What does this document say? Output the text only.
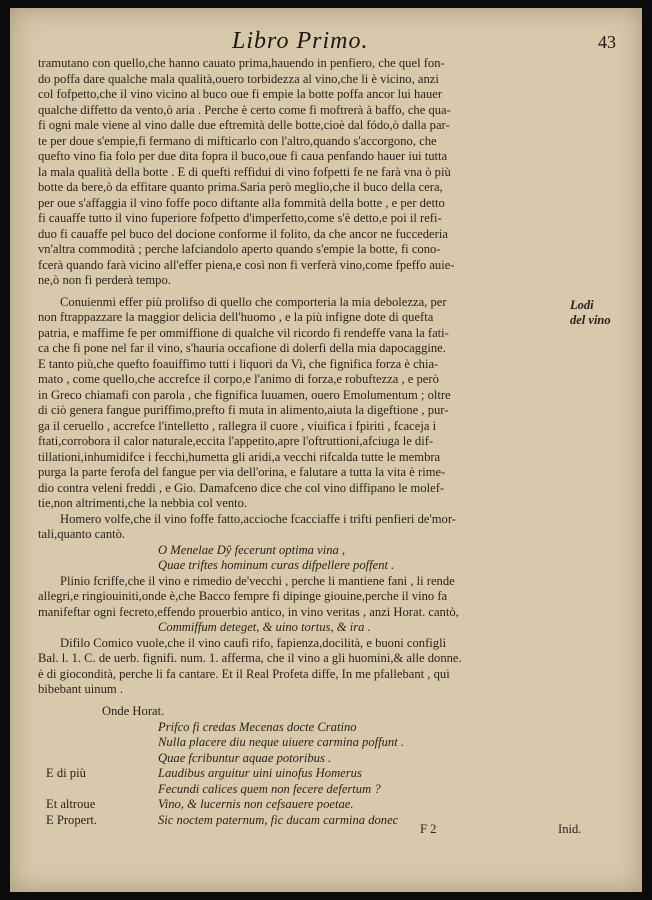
Libro Primo.	43
tramutano con quello,che hanno cauato prima,hauendo in penfiero, che quel fon-
do poffa dare qualche mala qualità,ouero torbidezza al vino,che li è vicino, anzi
col fofpetto,che il vino vicino al buco oue fi empie la botte poffa ancor lui hauer
qualche diffetto da vento,ò aria . Perche è certo come fi moftrerà à baffo, che qua-
fi ogni male viene al vino dalle due eftremità delle botte,cioè dal fódo,ò dalla par-
te per doue s'empie,fi fermano di mifticarlo con l'altro,quando s'accorgono, che
quefto vino fia folo per due dita fopra il buco,oue fi caua penfando hauer iui tutta
la mala qualità della botte . E di quefti reffidui di vino fofpetti fe ne farà vna ò più
botte da bere,ò da effitare quanto prima.Saria però meglio,che il buco della cera,
per oue s'affaggia il vino foffe poco diftante alla fommità della botte , e per detto
fi cauaffe tutto il vino fuperiore fofpetto d'imperfetto,come s'è detto,e poi il refi-
duo fi cauaffe pel buco del docione conforme il folito, da che ancor ne fuccederia
vn'altra commodità ; perche lafciandolo aperto quando s'empie la botte, fi cono-
fcerà quando farà vicino all'effer piena,e così non fi verferà vino,come fpeffo auie-
ne,ò non fi perderà tempo.
Conuienmi effer più prolifso di quello che comporteria la mia debolezza, per
non ftrappazzare la maggior delicia dell'huomo , e la più infigne dote di quefta
patria, e maffime fe per ommiffione di qualche vil ricordo fi rendeffe vana la fati-
ca che fi pone nel far il vino, s'hauria occafione di dolerfi della mia dapocaggine.
E tanto più,che quefto foauiffimo tutti i liquori da Vi, che fignifica forza è chia-
mato , come quello,che accrefce il corpo,e l'animo di forza,e robuftezza , e però
in Greco chiamafi con parola , che fignifica Iuuamen, ouero Emolumentum ; oltre
di ciò genera fangue puriffimo,prefto fi muta in alimento,aiuta la digeftione , pur-
ga il ceruello , accrefce l'intelletto , rallegra il cuore , viuifica i fpiriti , fcaceja i
ftati,corrobora il calor naturale,eccita l'appetito,apre l'oftruttioni,afciuga le dif-
tillationi,inhumidifce i fecchi,humetta gli aridi,a vecchi rifcalda tutte le membra
purga la parte ferofa del fangue per via dell'orina, e falutare a tutta la vita è rime-
dio contra veleni freddi , e Gio. Damafceno dice che col vino diffipano le molef-
tie,non altrimenti,che la nebbia col vento.
Homero volfe,che il vino foffe fatto,accioche fcacciaffe i trifti penfieri de'mor-
tali,quanto cantò.
O Menelae Dŷ fecerunt optima vina ,
Quae triftes hominum curas difpellere poffent .
Plinio fcriffe,che il vino e rimedio de'vecchi , perche li mantiene fani , li rende
allegri,e ringiouiniti,onde è,che Bacco fempre fi dipinge giouine,perche il vino fa
manifeftar ogni fecreto,effendo prouerbio antico, in vino veritas , anzi Horat. cantò,
Commiffum deteget, & uino tortus, & ira .
Difilo Comico vuole,che il vino caufi rifo, fapienza,docilità, e buoni configli
Bal. l. 1. C. de uerb. fignifi. num. 1. afferma, che il vino a gli huomini,& alle donne.
è di giocondità, perche li fa cantare. Et il Real Profeta diffe, In me pfallebant , qui
bibebant uinum .
Lodi
del vino
Onde Horat.
Prifco fi credas Mecenas docte Cratino
Nulla placere diu neque uiuere carmina poffunt .
Quae fcribuntur aquae potoribus .
E di più	Laudibus arguitur uini uinofus Homerus
Fecundi calices quem non fecere defertum ?
Et altroue	Vino, & lucernis non cefsauere poetae.
E Propert.	Sic noctem paternum, fic ducam carmina donec
F 2	Inid.
